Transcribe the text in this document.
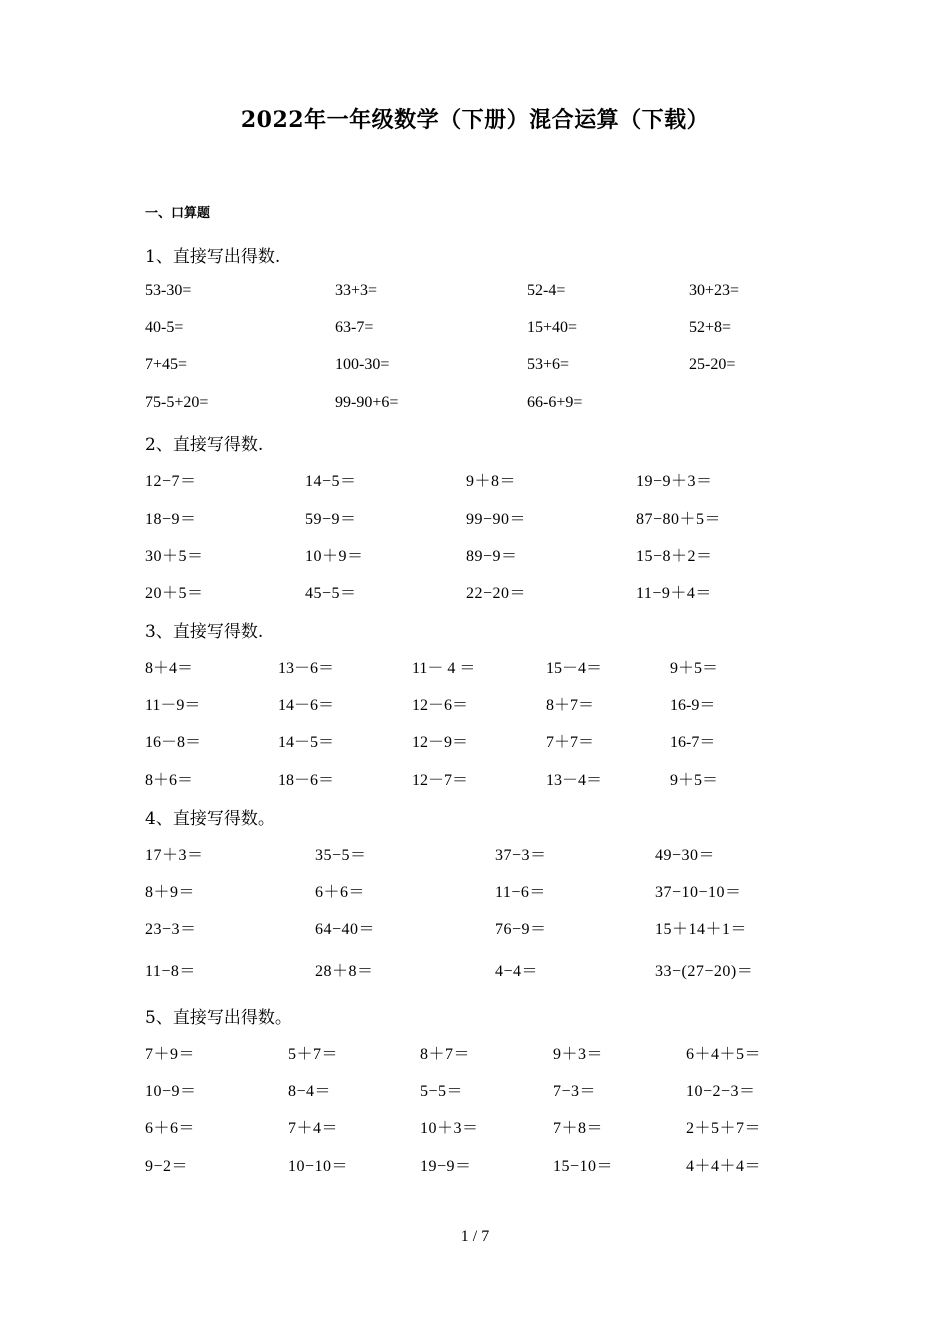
2022年一年级数学（下册）混合运算（下载）
一、口算题
1、直接写出得数.
53-30=	33+3=	52-4=	30+23=
40-5=	63-7=	15+40=	52+8=
7+45=	100-30=	53+6=	25-20=
75-5+20=	99-90+6=	66-6+9=
2、直接写得数.
12−7＝	14−5＝	9＋8＝	19−9＋3＝
18−9＝	59−9＝	99−90＝	87−80＋5＝
30＋5＝	10＋9＝	89−9＝	15−8＋2＝
20＋5＝	45−5＝	22−20＝	11−9＋4＝
3、直接写得数.
8＋4＝	13－6＝	11－ 4 ＝	15－4＝	9＋5＝
11－9＝	14－6＝	12－6＝	8＋7＝	16-9＝
16－8＝	14－5＝	12－9＝	7＋7＝	16-7＝
8＋6＝	18－6＝	12－7＝	13－4＝	9＋5＝
4、直接写得数。
17＋3＝	35−5＝	37−3＝	49−30＝
8＋9＝	6＋6＝	11−6＝	37−10−10＝
23−3＝	64−40＝	76−9＝	15＋14＋1＝
11−8＝	28＋8＝	4−4＝	33−(27−20)＝
5、直接写出得数。
7＋9＝	5＋7＝	8＋7＝	9＋3＝	6＋4＋5＝
10−9＝	8−4＝	5−5＝	7−3＝	10−2−3＝
6＋6＝	7＋4＝	10＋3＝	7＋8＝	2＋5＋7＝
9−2＝	10−10＝	19−9＝	15−10＝	4＋4＋4＝
1 / 7
